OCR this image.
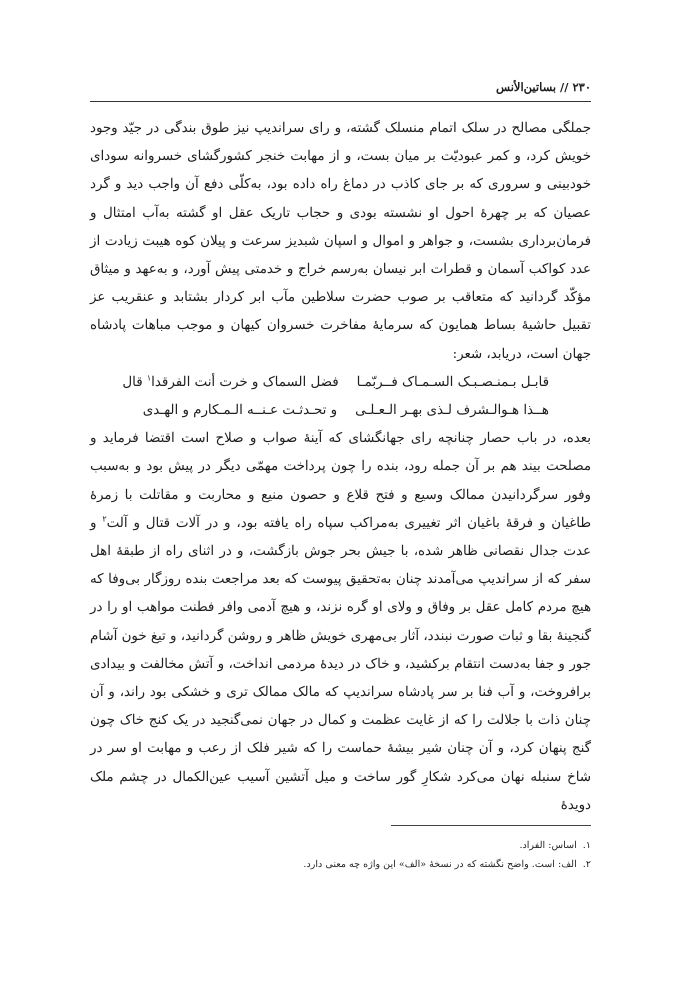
۲۳۰ // بساتین‌الأنس

جملگی مصالح در سلک اتمام منسلک گشته، و رای سراندیپ نیز طوق بندگی در جیّد وجود خویش کرد، و کمر عبودیّت بر میان بست، و از مهابت خنجر کشورگشای خسروانه سودای خودبینی و سروری که بر جای کاذب در دماغ راه داده بود، به‌کلّی دفع آن واجب دید و گرد عصیان که بر چهرهٔ احول او نشسته بودی و حجاب تاریک عقل او گشته به‌آب امتثال و فرمان‌برداری بشست، و جواهر و اموال و اسپان شبدیز سرعت و پیلان کوه هیبت زیادت از عدد کواکب آسمان و قطرات ابر نیسان به‌رسم خراج و خدمتی پیش آورد، و به‌عهد و میثاق مؤکّد گردانید که متعاقب بر صوب حضرت سلاطین مآب ابر کردار بشتابد و عنقریب عز تقبیل حاشیهٔ بساط همایون که سرمایهٔ مفاخرت خسروان کیهان و موجب مباهات پادشاه جهان است، دریابد، شعر:

قابـل بـمنـصـبـک السـمـاک فــربّمـافضل السماک و خرت أنت الفرقدا$^۱$ قال
هــذا هـوالـشرف لـذی بهـر الـعـلـیو تحـدثـت عـنــه الـمـکارم و الهـدی

بعده، در باب حصار چنانچه رای جهانگشای که آینهٔ صواب و صلاح است اقتضا فرماید و مصلحت بیند هم بر آن جمله رود، بنده را چون پرداخت مهمّی دیگر در پیش بود و به‌سبب وفور سرگردانیدن ممالک وسیع و فتح قلاع و حصون منیع و محاربت و مقاتلت با زمرهٔ طاغیان و فرقهٔ باغیان اثر تغییری به‌مراکب سپاه راه یافته بود، و در آلات قتال و آلت$^۲$ و عدت جدال نقصانی ظاهر شده، با جیش بحر جوش بازگشت، و در اثنای راه از طبقهٔ اهل سفر که از سراندیپ می‌آمدند چنان به‌تحقیق پیوست که بعد مراجعت بنده روزگار بی‌وفا که هیچ مردم کامل عقل بر وفاق و ولای او گره نزند، و هیچ آدمی وافر فطنت مواهب او را در گنجینهٔ بقا و ثبات صورت نبندد، آثار بی‌مهری خویش ظاهر و روشن گردانید، و تیغ خون آشام جور و جفا به‌دست انتقام برکشید، و خاک در دیدهٔ مردمی انداخت، و آتش مخالفت و بیدادی برافروخت، و آب فنا بر سر پادشاه سراندیپ که مالک ممالک تری و خشکی بود راند، و آن چنان ذات با جلالت را که از غایت عظمت و کمال در جهان نمی‌گنجید در یک کنج خاک چون گنج پنهان کرد، و آن چنان شیر بیشهٔ حماست را که شیر فلک از رعب و مهابت او سر در شاخ سنبله نهان می‌کرد شکارِ گور ساخت و میل آتشین آسیب عین‌الکمال در چشم ملک دویدهٔ

۱.اساس: الفراد.
۲.الف: است. واضح نگشته که در نسخهٔ «الف» این واژه چه معنی دارد.
